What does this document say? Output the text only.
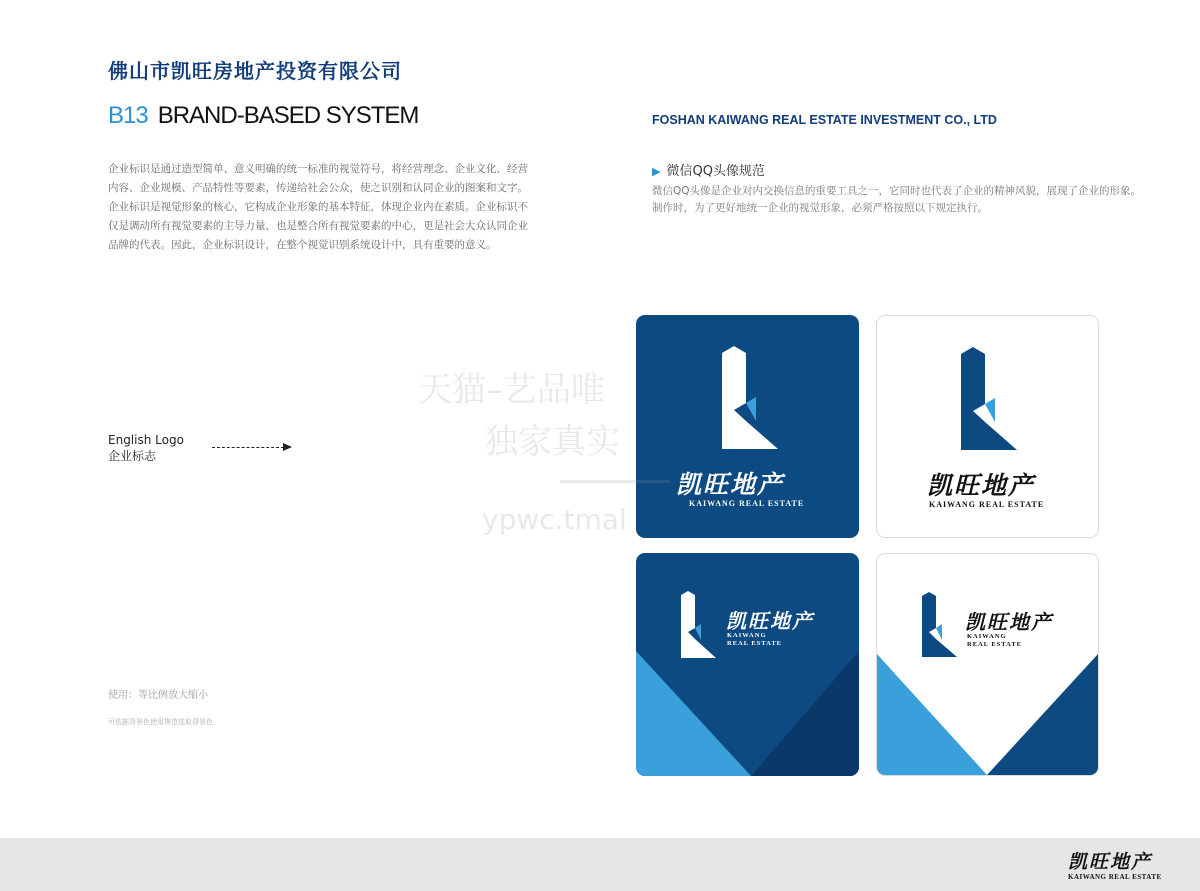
佛山市凯旺房地产投资有限公司
B13 BRAND-BASED SYSTEM
企业标识是通过造型简单、意义明确的统一标准的视觉符号，将经营理念、企业文化、经营内容、企业规模、产品特性等要素，传递给社会公众，使之识别和认同企业的图案和文字。企业标识是视觉形象的核心，它构成企业形象的基本特征，体现企业内在素质。企业标识不仅是调动所有视觉要素的主导力量，也是整合所有视觉要素的中心，更是社会大众认同企业品牌的代表。因此，企业标识设计，在整个视觉识别系统设计中，具有重要的意义。
FOSHAN KAIWANG REAL ESTATE INVESTMENT CO., LTD
▶ 微信QQ头像规范
微信QQ头像是企业对内交换信息的重要工具之一，它同时也代表了企业的精神风貌，展现了企业的形象。制作时，为了更好地统一企业的视觉形象，必须严格按照以下规定执行。
English Logo
企业标志
使用：等比例放大缩小
可依据背景色使用规范选取背景色
凯旺地产
KAIWANG REAL ESTATE
凯旺地产
KAIWANG REAL ESTATE
凯旺地产
KAIWANG
REAL ESTATE
凯旺地产
KAIWANG
REAL ESTATE
天猫–艺品唯
独家真实
ypwc.tmal
凯旺地产
KAIWANG REAL ESTATE
